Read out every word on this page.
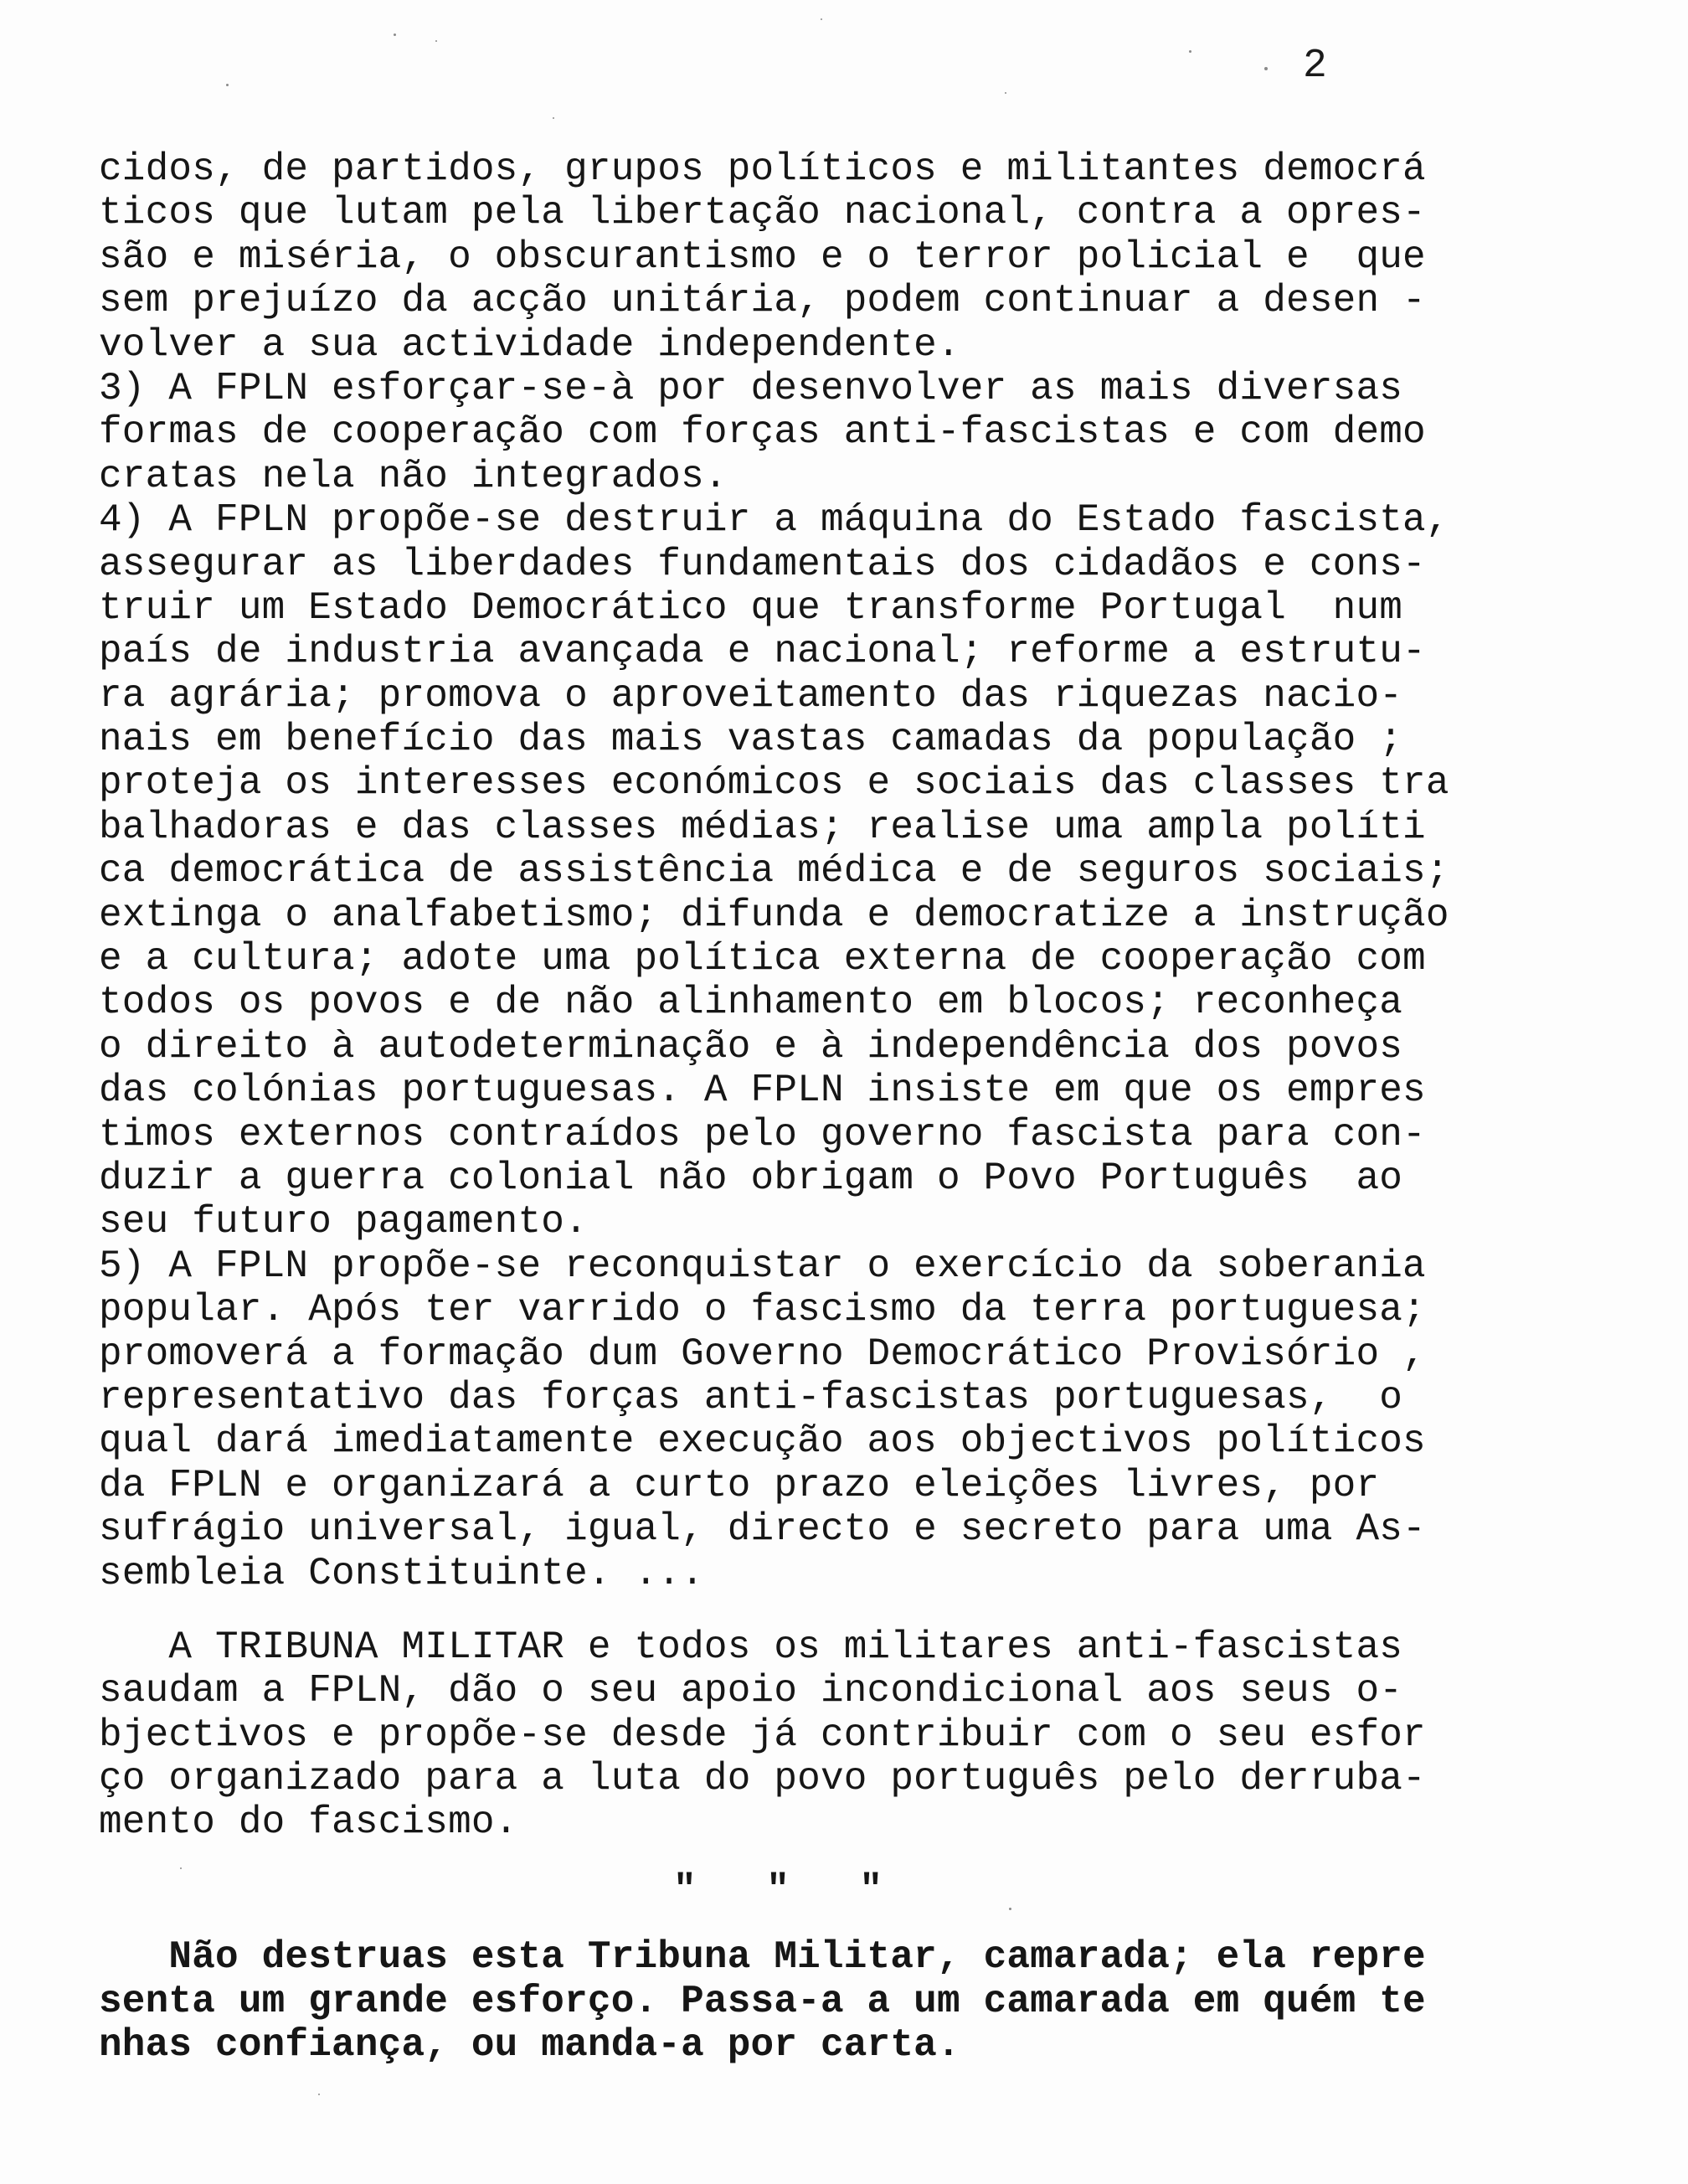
2
cidos, de partidos, grupos políticos e militantes democrá
ticos que lutam pela libertação nacional, contra a opres-
são e miséria, o obscurantismo e o terror policial e  que
sem prejuízo da acção unitária, podem continuar a desen -
volver a sua actividade independente.
3) A FPLN esforçar-se-à por desenvolver as mais diversas
formas de cooperação com forças anti-fascistas e com demo
cratas nela não integrados.
4) A FPLN propõe-se destruir a máquina do Estado fascista,
assegurar as liberdades fundamentais dos cidadãos e cons-
truir um Estado Democrático que transforme Portugal  num
país de industria avançada e nacional; reforme a estrutu-
ra agrária; promova o aproveitamento das riquezas nacio-
nais em benefício das mais vastas camadas da população ;
proteja os interesses económicos e sociais das classes tra
balhadoras e das classes médias; realise uma ampla políti
ca democrática de assistência médica e de seguros sociais;
extinga o analfabetismo; difunda e democratize a instrução
e a cultura; adote uma política externa de cooperação com
todos os povos e de não alinhamento em blocos; reconheça
o direito à autodeterminação e à independência dos povos
das colónias portuguesas. A FPLN insiste em que os empres
timos externos contraídos pelo governo fascista para con-
duzir a guerra colonial não obrigam o Povo Português  ao
seu futuro pagamento.
5) A FPLN propõe-se reconquistar o exercício da soberania
popular. Após ter varrido o fascismo da terra portuguesa;
promoverá a formação dum Governo Democrático Provisório ,
representativo das forças anti-fascistas portuguesas,  o
qual dará imediatamente execução aos objectivos políticos
da FPLN e organizará a curto prazo eleições livres, por
sufrágio universal, igual, directo e secreto para uma As-
sembleia Constituinte. ...
A TRIBUNA MILITAR e todos os militares anti-fascistas
saudam a FPLN, dão o seu apoio incondicional aos seus o-
bjectivos e propõe-se desde já contribuir com o seu esfor
ço organizado para a luta do povo português pelo derruba-
mento do fascismo.
"   "   "
Não destruas esta Tribuna Militar, camarada; ela repre
senta um grande esforço. Passa-a a um camarada em quém te
nhas confiança, ou manda-a por carta.
